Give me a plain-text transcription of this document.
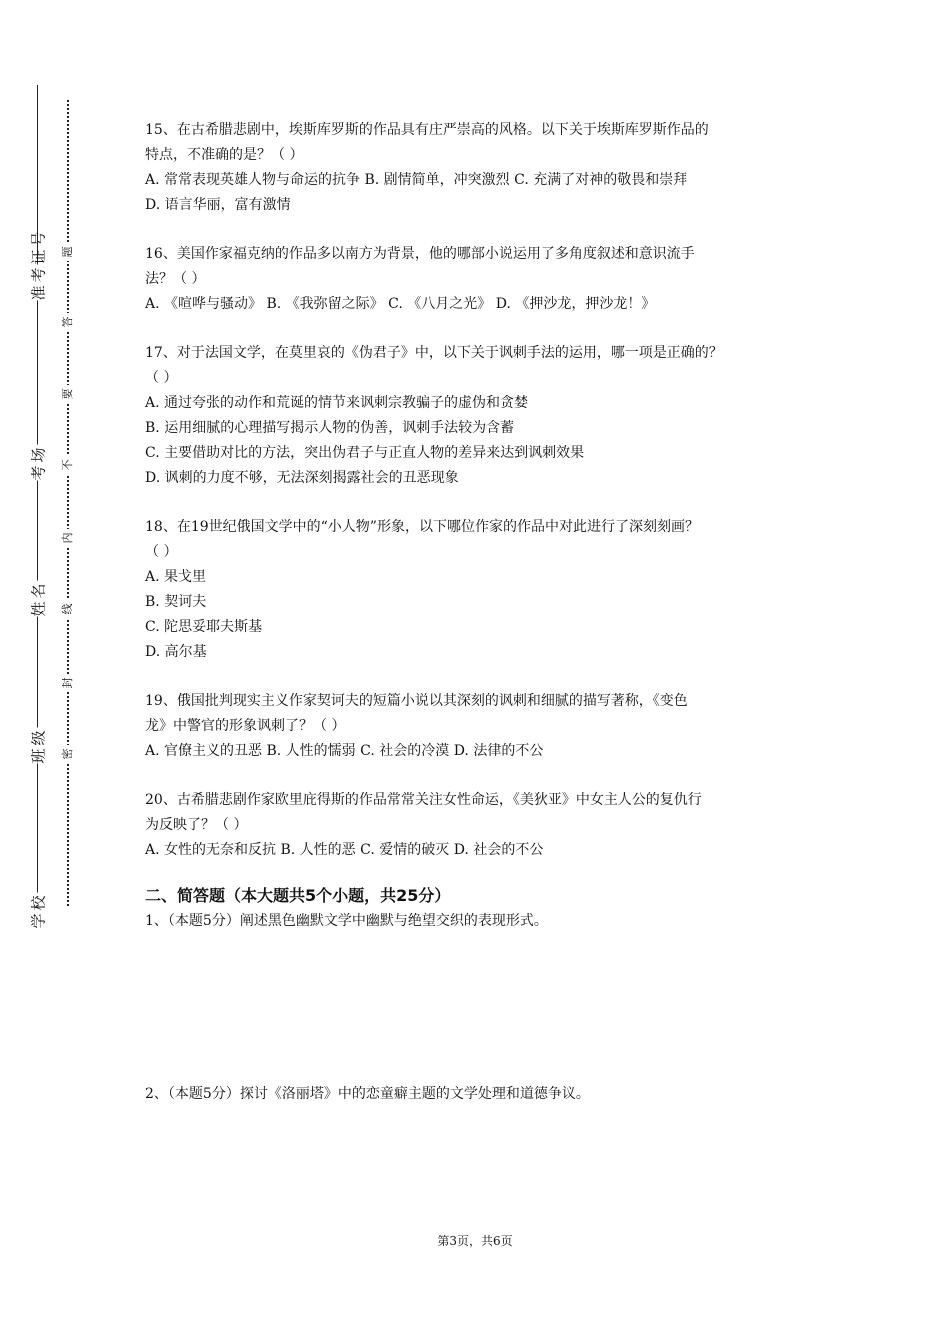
准考证号
考场
姓名
班级
学校
题
答
要
不
内
线
封
密
15、在古希腊悲剧中，埃斯库罗斯的作品具有庄严崇高的风格。以下关于埃斯库罗斯作品的
特点，不准确的是？（ ）
A. 常常表现英雄人物与命运的抗争 B. 剧情简单，冲突激烈 C. 充满了对神的敬畏和崇拜
D. 语言华丽，富有激情
16、美国作家福克纳的作品多以南方为背景，他的哪部小说运用了多角度叙述和意识流手
法？（ ）
A. 《喧哗与骚动》 B. 《我弥留之际》 C. 《八月之光》 D. 《押沙龙，押沙龙！》
17、对于法国文学，在莫里哀的《伪君子》中，以下关于讽刺手法的运用，哪一项是正确的？
（ ）
A. 通过夸张的动作和荒诞的情节来讽刺宗教骗子的虚伪和贪婪
B. 运用细腻的心理描写揭示人物的伪善，讽刺手法较为含蓄
C. 主要借助对比的方法，突出伪君子与正直人物的差异来达到讽刺效果
D. 讽刺的力度不够，无法深刻揭露社会的丑恶现象
18、在19世纪俄国文学中的“小人物”形象，以下哪位作家的作品中对此进行了深刻刻画？
（ ）
A. 果戈里
B. 契诃夫
C. 陀思妥耶夫斯基
D. 高尔基
19、俄国批判现实主义作家契诃夫的短篇小说以其深刻的讽刺和细腻的描写著称，《变色
龙》中警官的形象讽刺了？（ ）
A. 官僚主义的丑恶 B. 人性的懦弱 C. 社会的冷漠 D. 法律的不公
20、古希腊悲剧作家欧里庇得斯的作品常常关注女性命运，《美狄亚》中女主人公的复仇行
为反映了？（ ）
A. 女性的无奈和反抗 B. 人性的恶 C. 爱情的破灭 D. 社会的不公
二、简答题（本大题共5个小题，共25分）
1、（本题5分）阐述黑色幽默文学中幽默与绝望交织的表现形式。
2、（本题5分）探讨《洛丽塔》中的恋童癖主题的文学处理和道德争议。
第3页，共6页
